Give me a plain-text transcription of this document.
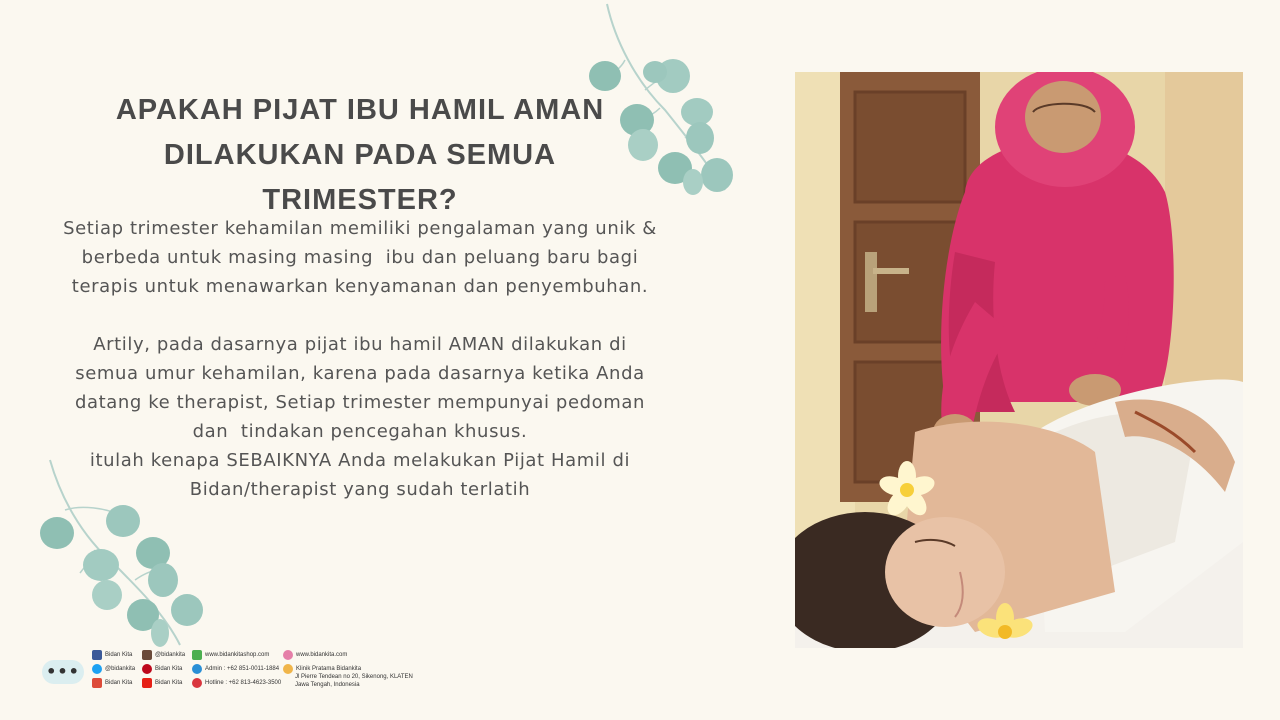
APAKAH PIJAT IBU HAMIL AMAN
DILAKUKAN PADA SEMUA
TRIMESTER?
Setiap trimester kehamilan memiliki pengalaman yang unik &
berbeda untuk masing masing  ibu dan peluang baru bagi
terapis untuk menawarkan kenyamanan dan penyembuhan.

Artily, pada dasarnya pijat ibu hamil AMAN dilakukan di
semua umur kehamilan, karena pada dasarnya ketika Anda
datang ke therapist, Setiap trimester mempunyai pedoman
dan  tindakan pencegahan khusus.
itulah kenapa SEBAIKNYA Anda melakukan Pijat Hamil di
Bidan/therapist yang sudah terlatih
•••
Bidan Kita	@bidankita	www.bidankitashop.com	www.bidankita.com
@bidankita	Bidan Kita	Admin : +62 851-0011-1884	Klinik Pratama Bidankita
Bidan Kita	Bidan Kita	Hotline : +62 813-4623-3500
Jl Pierre Tendean no 20, Sikenong, KLATEN
Jawa Tengah, Indonesia
